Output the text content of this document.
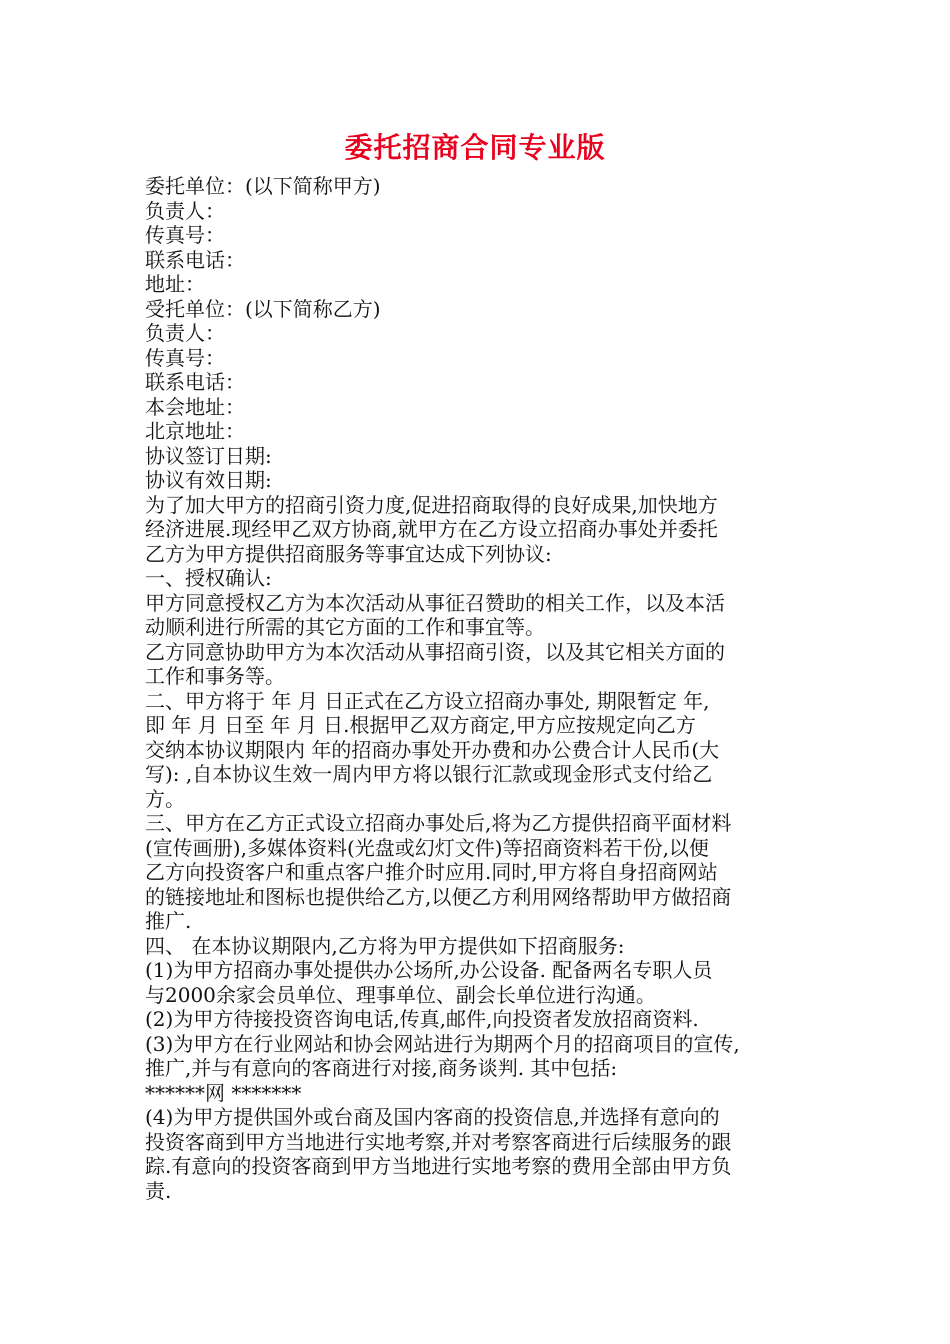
委托招商合同专业版
委托单位：(以下简称甲方)
负责人：
传真号：
联系电话：
地址：
受托单位：(以下简称乙方)
负责人：
传真号：
联系电话：
本会地址：
北京地址：
协议签订日期:
协议有效日期:
为了加大甲方的招商引资力度,促进招商取得的良好成果,加快地方
经济进展.现经甲乙双方协商,就甲方在乙方设立招商办事处并委托
乙方为甲方提供招商服务等事宜达成下列协议:
一、授权确认:
甲方同意授权乙方为本次活动从事征召赞助的相关工作，以及本活
动顺利进行所需的其它方面的工作和事宜等。
乙方同意协助甲方为本次活动从事招商引资，以及其它相关方面的
工作和事务等。
二、甲方将于 年 月 日正式在乙方设立招商办事处, 期限暂定 年,
即 年 月 日至 年 月 日.根据甲乙双方商定,甲方应按规定向乙方
交纳本协议期限内 年的招商办事处开办费和办公费合计人民币(大
写): ,自本协议生效一周内甲方将以银行汇款或现金形式支付给乙
方。
三、甲方在乙方正式设立招商办事处后,将为乙方提供招商平面材料
(宣传画册),多媒体资料(光盘或幻灯文件)等招商资料若干份,以便
乙方向投资客户和重点客户推介时应用.同时,甲方将自身招商网站
的链接地址和图标也提供给乙方,以便乙方利用网络帮助甲方做招商
推广.
四、 在本协议期限内,乙方将为甲方提供如下招商服务:
(1)为甲方招商办事处提供办公场所,办公设备. 配备两名专职人员
与2000余家会员单位、理事单位、副会长单位进行沟通。
(2)为甲方待接投资咨询电话,传真,邮件,向投资者发放招商资料.
(3)为甲方在行业网站和协会网站进行为期两个月的招商项目的宣传,
推广,并与有意向的客商进行对接,商务谈判. 其中包括:
******网 *******
(4)为甲方提供国外或台商及国内客商的投资信息,并选择有意向的
投资客商到甲方当地进行实地考察,并对考察客商进行后续服务的跟
踪.有意向的投资客商到甲方当地进行实地考察的费用全部由甲方负
责.
